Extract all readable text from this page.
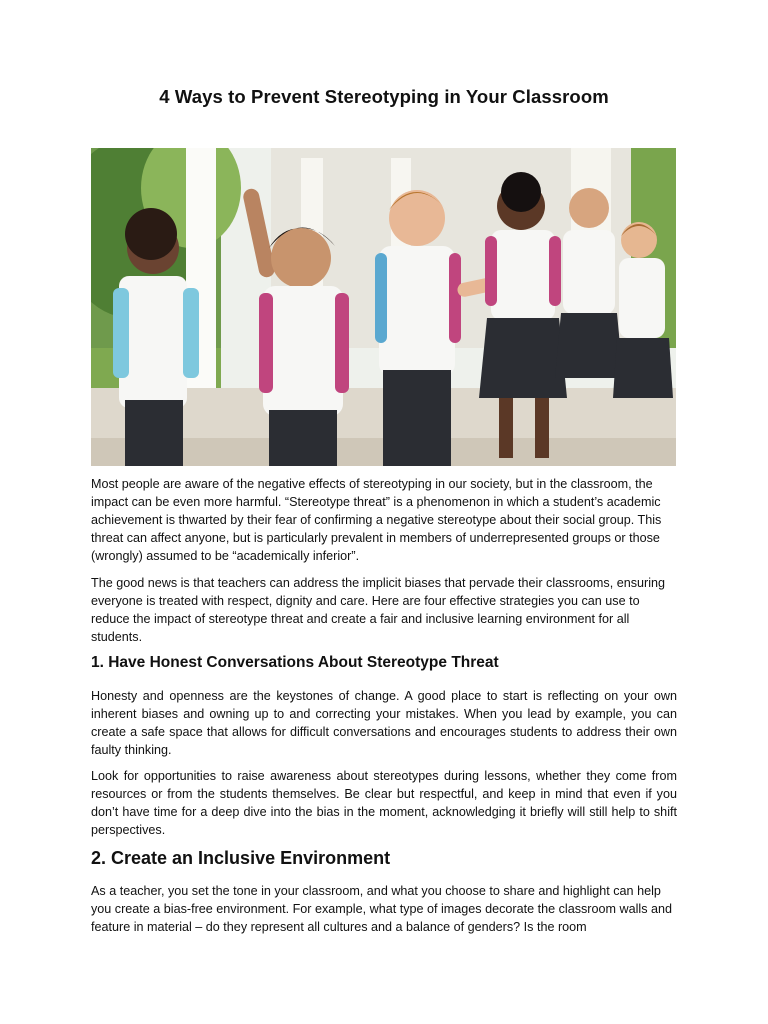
4 Ways to Prevent Stereotyping in Your Classroom

Most people are aware of the negative effects of stereotyping in our society, but in the classroom, the impact can be even more harmful. “Stereotype threat” is a phenomenon in which a student’s academic achievement is thwarted by their fear of confirming a negative stereotype about their social group. This threat can affect anyone, but is particularly prevalent in members of underrepresented groups or those (wrongly) assumed to be “academically inferior”.

The good news is that teachers can address the implicit biases that pervade their classrooms, ensuring everyone is treated with respect, dignity and care. Here are four effective strategies you can use to reduce the impact of stereotype threat and create a fair and inclusive learning environment for all students.

1. Have Honest Conversations About Stereotype Threat

Honesty and openness are the keystones of change. A good place to start is reflecting on your own inherent biases and owning up to and correcting your mistakes. When you lead by example, you can create a safe space that allows for difficult conversations and encourages students to address their own faulty thinking.

Look for opportunities to raise awareness about stereotypes during lessons, whether they come from resources or from the students themselves. Be clear but respectful, and keep in mind that even if you don’t have time for a deep dive into the bias in the moment, acknowledging it briefly will still help to shift perspectives.

2. Create an Inclusive Environment

As a teacher, you set the tone in your classroom, and what you choose to share and highlight can help you create a bias-free environment. For example, what type of images decorate the classroom walls and feature in material – do they represent all cultures and a balance of genders? Is the room
